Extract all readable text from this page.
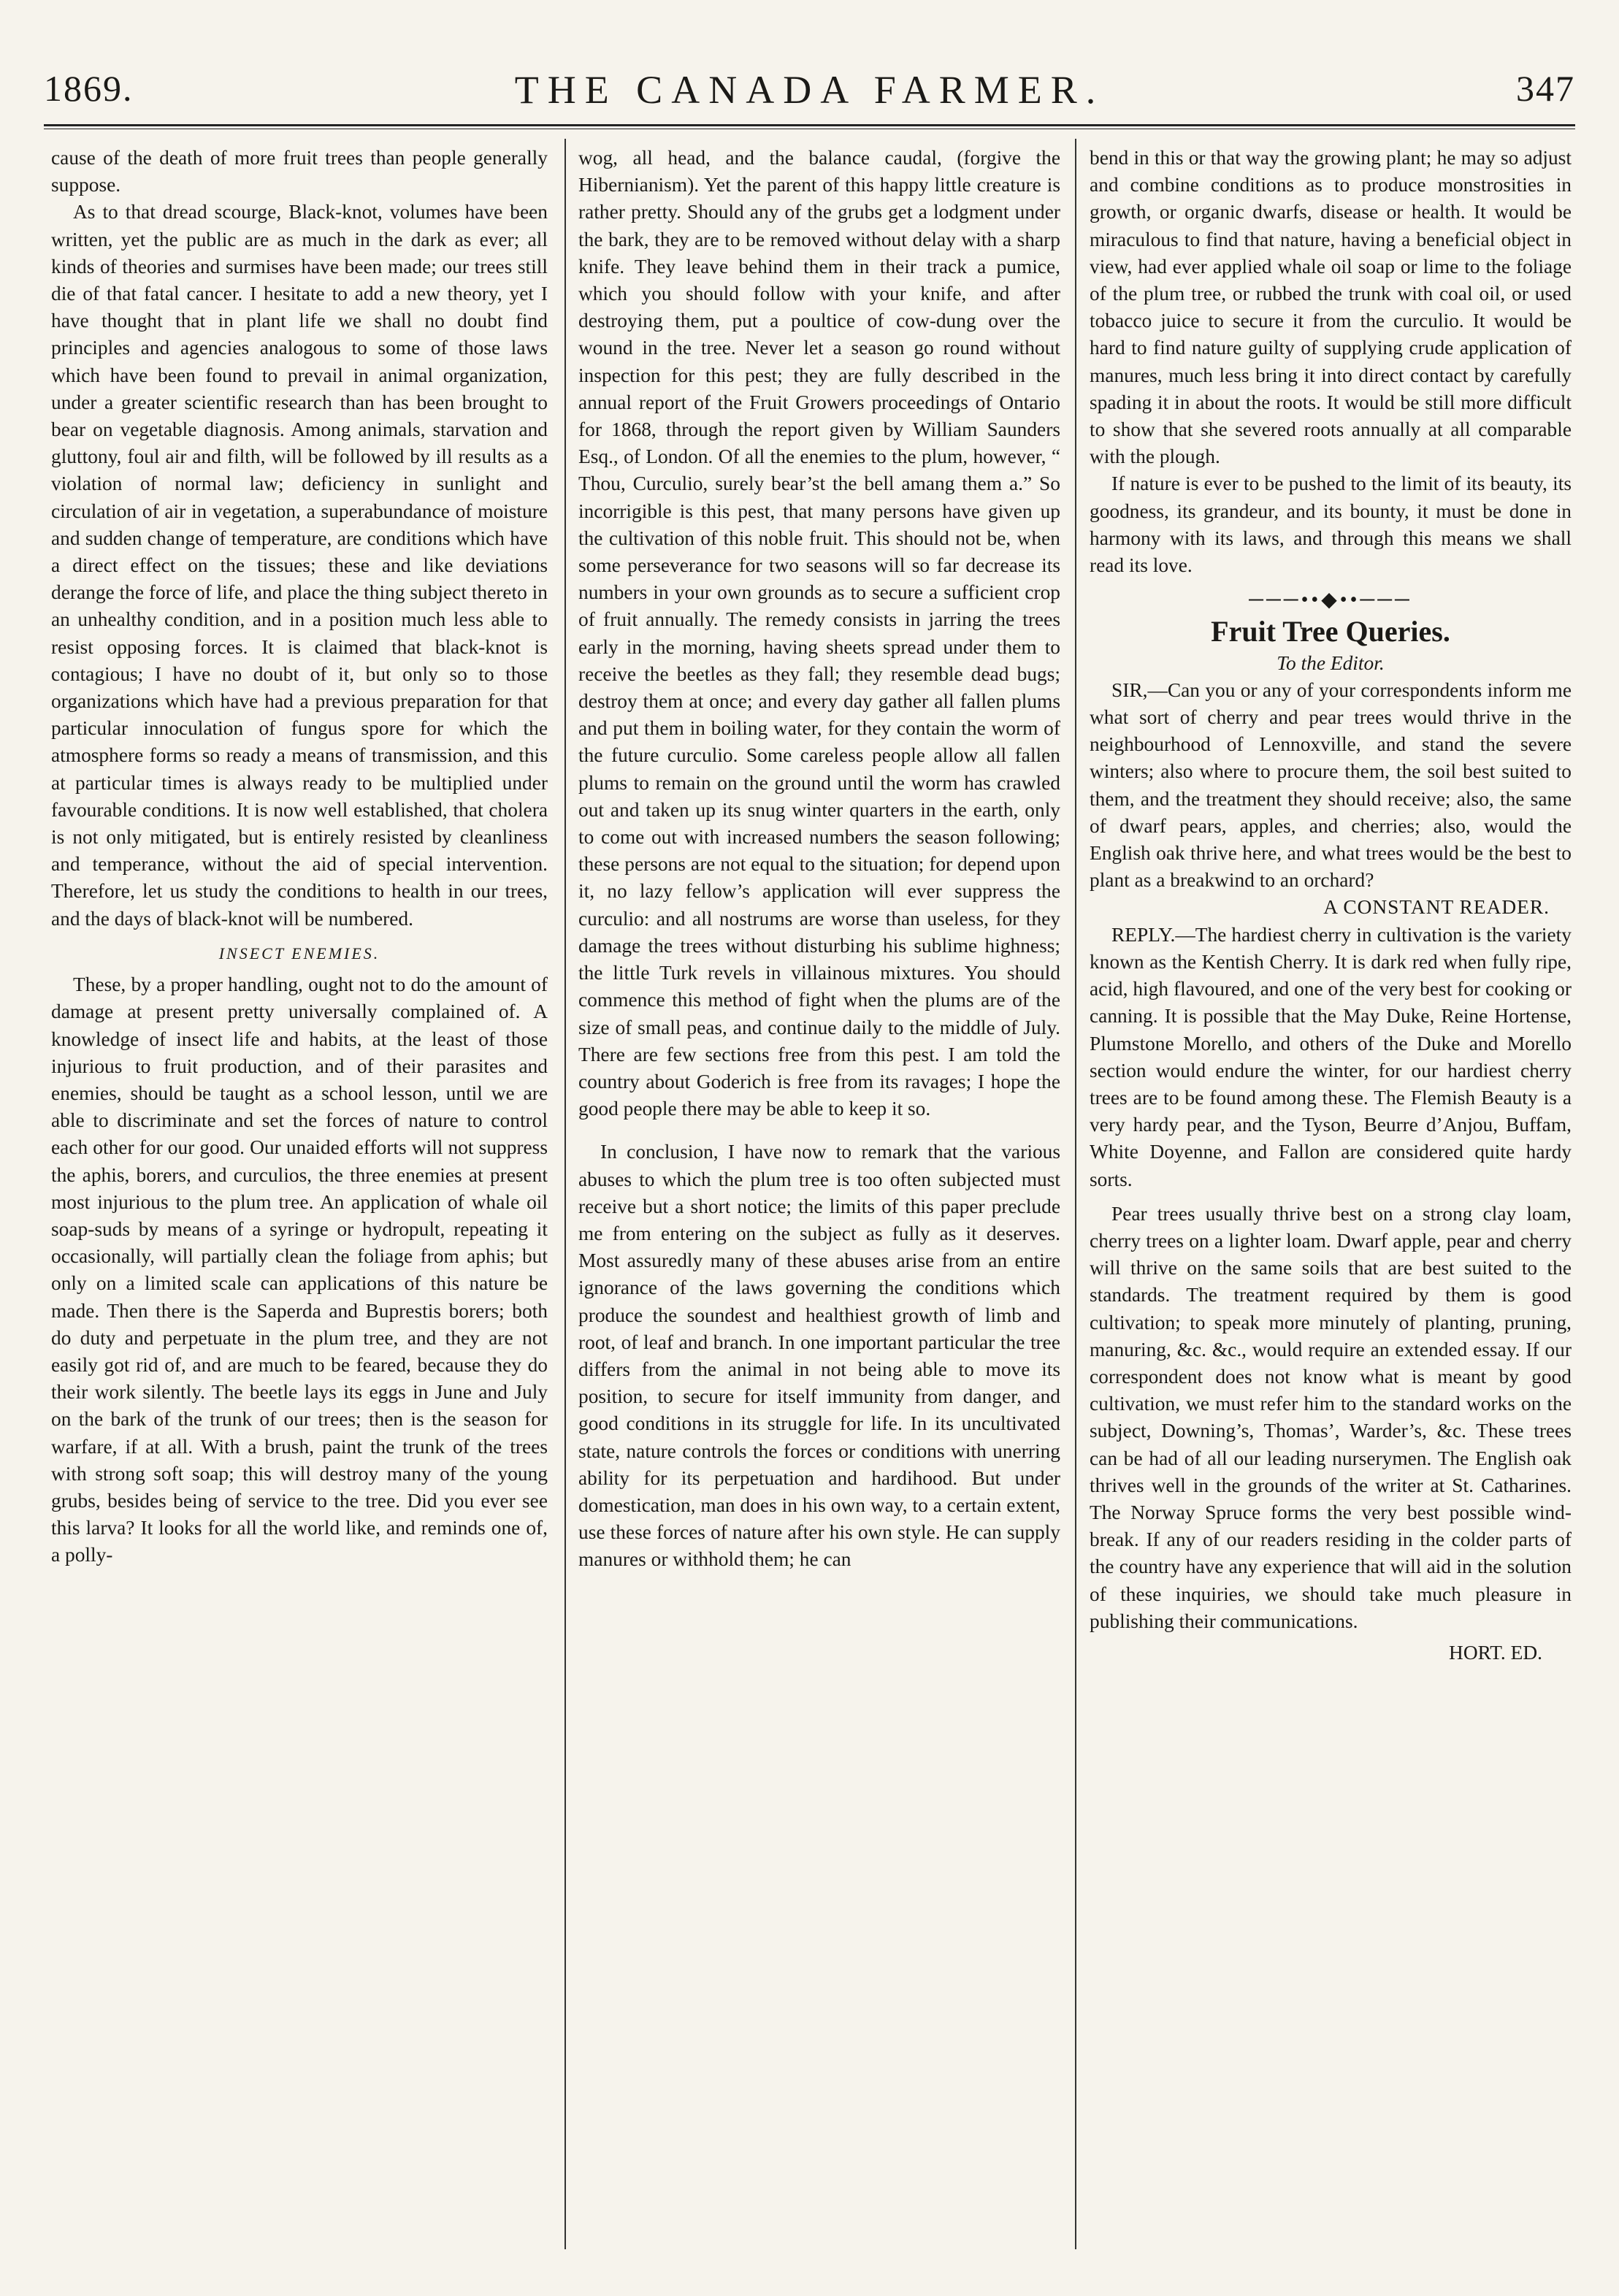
1869.	THE CANADA FARMER.	347

cause of the death of more fruit trees than people generally suppose.

As to that dread scourge, Black-knot, volumes have been written, yet the public are as much in the dark as ever; all kinds of theories and surmises have been made; our trees still die of that fatal cancer. I hesitate to add a new theory, yet I have thought that in plant life we shall no doubt find principles and agencies analogous to some of those laws which have been found to prevail in animal organization, under a greater scientific research than has been brought to bear on vegetable diagnosis. Among animals, starvation and gluttony, foul air and filth, will be followed by ill results as a violation of normal law; deficiency in sunlight and circulation of air in vegetation, a superabundance of moisture and sudden change of temperature, are conditions which have a direct effect on the tissues; these and like deviations derange the force of life, and place the thing subject thereto in an unhealthy condition, and in a position much less able to resist opposing forces. It is claimed that black-knot is contagious; I have no doubt of it, but only so to those organizations which have had a previous preparation for that particular innoculation of fungus spore for which the atmosphere forms so ready a means of transmission, and this at particular times is always ready to be multiplied under favourable conditions. It is now well established, that cholera is not only mitigated, but is entirely resisted by cleanliness and temperance, without the aid of special intervention. Therefore, let us study the conditions to health in our trees, and the days of black-knot will be numbered.

INSECT ENEMIES.

These, by a proper handling, ought not to do the amount of damage at present pretty universally complained of. A knowledge of insect life and habits, at the least of those injurious to fruit production, and of their parasites and enemies, should be taught as a school lesson, until we are able to discriminate and set the forces of nature to control each other for our good. Our unaided efforts will not suppress the aphis, borers, and curculios, the three enemies at present most injurious to the plum tree. An application of whale oil soap-suds by means of a syringe or hydropult, repeating it occasionally, will partially clean the foliage from aphis; but only on a limited scale can applications of this nature be made. Then there is the Saperda and Buprestis borers; both do duty and perpetuate in the plum tree, and they are not easily got rid of, and are much to be feared, because they do their work silently. The beetle lays its eggs in June and July on the bark of the trunk of our trees; then is the season for warfare, if at all. With a brush, paint the trunk of the trees with strong soft soap; this will destroy many of the young grubs, besides being of service to the tree. Did you ever see this larva? It looks for all the world like, and reminds one of, a polly-

wog, all head, and the balance caudal, (forgive the Hibernianism). Yet the parent of this happy little creature is rather pretty. Should any of the grubs get a lodgment under the bark, they are to be removed without delay with a sharp knife. They leave behind them in their track a pumice, which you should follow with your knife, and after destroying them, put a poultice of cow-dung over the wound in the tree. Never let a season go round without inspection for this pest; they are fully described in the annual report of the Fruit Growers proceedings of Ontario for 1868, through the report given by William Saunders Esq., of London. Of all the enemies to the plum, however, “ Thou, Curculio, surely bear’st the bell amang them a.” So incorrigible is this pest, that many persons have given up the cultivation of this noble fruit. This should not be, when some perseverance for two seasons will so far decrease its numbers in your own grounds as to secure a sufficient crop of fruit annually. The remedy consists in jarring the trees early in the morning, having sheets spread under them to receive the beetles as they fall; they resemble dead bugs; destroy them at once; and every day gather all fallen plums and put them in boiling water, for they contain the worm of the future curculio. Some careless people allow all fallen plums to remain on the ground until the worm has crawled out and taken up its snug winter quarters in the earth, only to come out with increased numbers the season following; these persons are not equal to the situation; for depend upon it, no lazy fellow’s application will ever suppress the curculio: and all nostrums are worse than useless, for they damage the trees without disturbing his sublime highness; the little Turk revels in villainous mixtures. You should commence this method of fight when the plums are of the size of small peas, and continue daily to the middle of July. There are few sections free from this pest. I am told the country about Goderich is free from its ravages; I hope the good people there may be able to keep it so.

In conclusion, I have now to remark that the various abuses to which the plum tree is too often subjected must receive but a short notice; the limits of this paper preclude me from entering on the subject as fully as it deserves. Most assuredly many of these abuses arise from an entire ignorance of the laws governing the conditions which produce the soundest and healthiest growth of limb and root, of leaf and branch. In one important particular the tree differs from the animal in not being able to move its position, to secure for itself immunity from danger, and good conditions in its struggle for life. In its uncultivated state, nature controls the forces or conditions with unerring ability for its perpetuation and hardihood. But under domestication, man does in his own way, to a certain extent, use these forces of nature after his own style. He can supply manures or withhold them; he can

bend in this or that way the growing plant; he may so adjust and combine conditions as to produce monstrosities in growth, or organic dwarfs, disease or health. It would be miraculous to find that nature, having a beneficial object in view, had ever applied whale oil soap or lime to the foliage of the plum tree, or rubbed the trunk with coal oil, or used tobacco juice to secure it from the curculio. It would be hard to find nature guilty of supplying crude application of manures, much less bring it into direct contact by carefully spading it in about the roots. It would be still more difficult to show that she severed roots annually at all comparable with the plough.

If nature is ever to be pushed to the limit of its beauty, its goodness, its grandeur, and its bounty, it must be done in harmony with its laws, and through this means we shall read its love.

───••◆••───

Fruit Tree Queries.

To the Editor.

SIR,—Can you or any of your correspondents inform me what sort of cherry and pear trees would thrive in the neighbourhood of Lennoxville, and stand the severe winters; also where to procure them, the soil best suited to them, and the treatment they should receive; also, the same of dwarf pears, apples, and cherries; also, would the English oak thrive here, and what trees would be the best to plant as a breakwind to an orchard?

A CONSTANT READER.

REPLY.—The hardiest cherry in cultivation is the variety known as the Kentish Cherry. It is dark red when fully ripe, acid, high flavoured, and one of the very best for cooking or canning. It is possible that the May Duke, Reine Hortense, Plumstone Morello, and others of the Duke and Morello section would endure the winter, for our hardiest cherry trees are to be found among these. The Flemish Beauty is a very hardy pear, and the Tyson, Beurre d’Anjou, Buffam, White Doyenne, and Fallon are considered quite hardy sorts.

Pear trees usually thrive best on a strong clay loam, cherry trees on a lighter loam. Dwarf apple, pear and cherry will thrive on the same soils that are best suited to the standards. The treatment required by them is good cultivation; to speak more minutely of planting, pruning, manuring, &c. &c., would require an extended essay. If our correspondent does not know what is meant by good cultivation, we must refer him to the standard works on the subject, Downing’s, Thomas’, Warder’s, &c. These trees can be had of all our leading nurserymen. The English oak thrives well in the grounds of the writer at St. Catharines. The Norway Spruce forms the very best possible wind-break. If any of our readers residing in the colder parts of the country have any experience that will aid in the solution of these inquiries, we should take much pleasure in publishing their communications.

HORT. ED.
